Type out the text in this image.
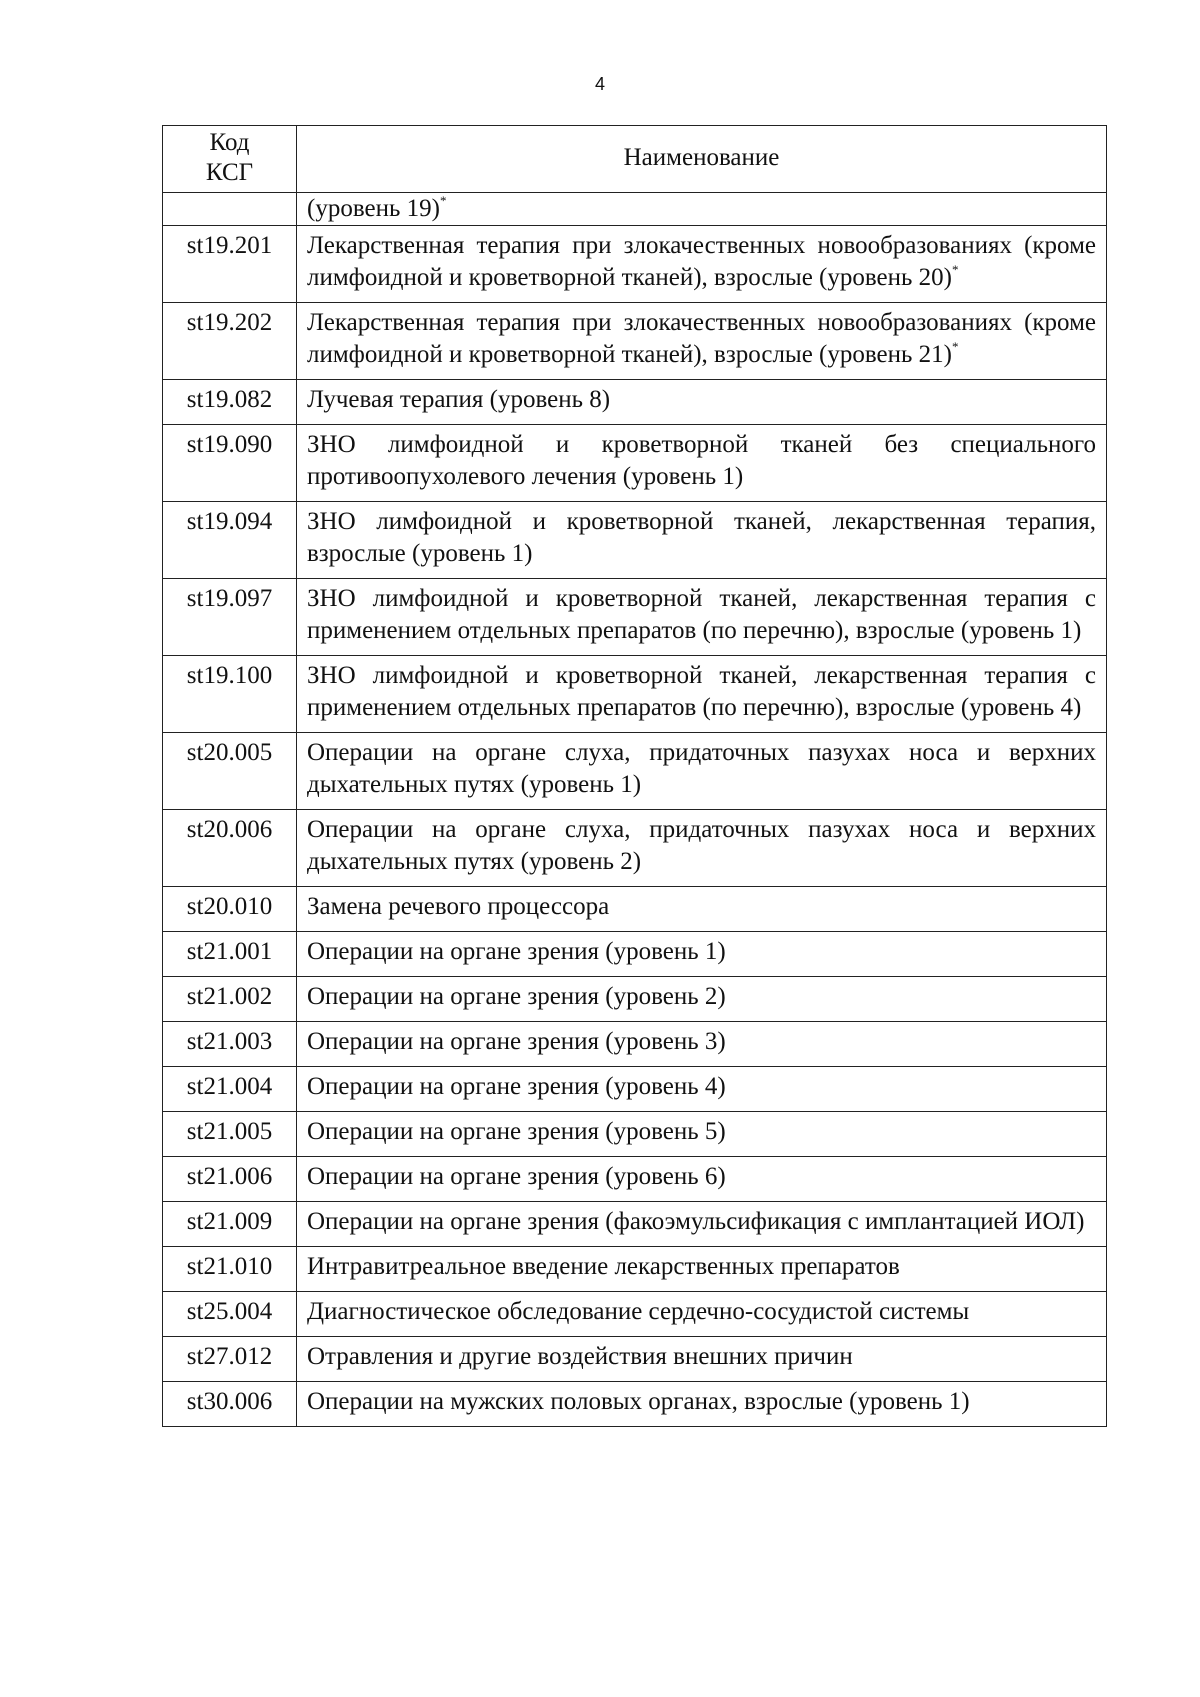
4
Код
КСГ	Наименование
	(уровень 19)*
st19.201	Лекарственная терапия при злокачественных новообразованиях (кроме лимфоидной и кроветворной тканей), взрослые (уровень 20)*
st19.202	Лекарственная терапия при злокачественных новообразованиях (кроме лимфоидной и кроветворной тканей), взрослые (уровень 21)*
st19.082	Лучевая терапия (уровень 8)
st19.090	ЗНО лимфоидной и кроветворной тканей без специального противоопухолевого лечения (уровень 1)
st19.094	ЗНО лимфоидной и кроветворной тканей, лекарственная терапия, взрослые (уровень 1)
st19.097	ЗНО лимфоидной и кроветворной тканей, лекарственная терапия с применением отдельных препаратов (по перечню), взрослые (уровень 1)
st19.100	ЗНО лимфоидной и кроветворной тканей, лекарственная терапия с применением отдельных препаратов (по перечню), взрослые (уровень 4)
st20.005	Операции на органе слуха, придаточных пазухах носа и верхних дыхательных путях (уровень 1)
st20.006	Операции на органе слуха, придаточных пазухах носа и верхних дыхательных путях (уровень 2)
st20.010	Замена речевого процессора
st21.001	Операции на органе зрения (уровень 1)
st21.002	Операции на органе зрения (уровень 2)
st21.003	Операции на органе зрения (уровень 3)
st21.004	Операции на органе зрения (уровень 4)
st21.005	Операции на органе зрения (уровень 5)
st21.006	Операции на органе зрения (уровень 6)
st21.009	Операции на органе зрения (факоэмульсификация с имплантацией ИОЛ)
st21.010	Интравитреальное введение лекарственных препаратов
st25.004	Диагностическое обследование сердечно-сосудистой системы
st27.012	Отравления и другие воздействия внешних причин
st30.006	Операции на мужских половых органах, взрослые (уровень 1)
